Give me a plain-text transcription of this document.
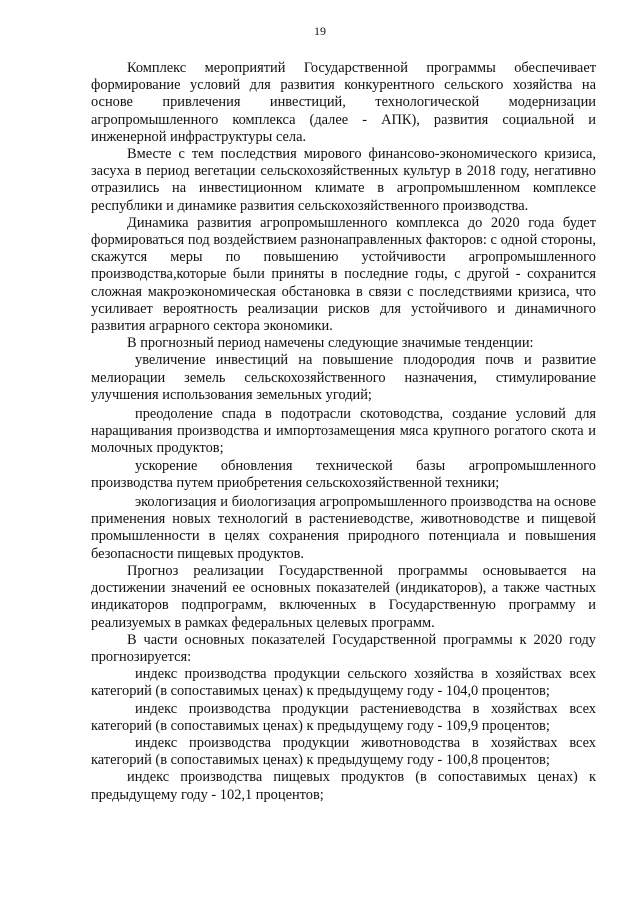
19

Комплекс мероприятий Государственной программы обеспечивает формирование условий для развития конкурентного сельского хозяйства на основе привлечения инвестиций, технологической модернизации агропромышленного комплекса (далее - АПК), развития социальной и инженерной инфраструктуры села.

Вместе с тем последствия мирового финансово-экономического кризиса, засуха в период вегетации сельскохозяйственных культур в 2018 году, негативно отразились на инвестиционном климате в агропромышленном комплексе республики и динамике развития сельскохозяйственного производства.

Динамика развития агропромышленного комплекса до 2020 года будет формироваться под воздействием разнонаправленных факторов: с одной стороны, скажутся меры по повышению устойчивости агропромышленного производства,которые были приняты в последние годы, с другой - сохранится сложная макроэкономическая обстановка в связи с последствиями кризиса, что усиливает вероятность реализации рисков для устойчивого и динамичного развития аграрного сектора экономики.

В прогнозный период намечены следующие значимые тенденции:

увеличение инвестиций на повышение плодородия почв и развитие мелиорации земель сельскохозяйственного назначения, стимулирование улучшения использования земельных угодий;

преодоление спада в подотрасли скотоводства, создание условий для наращивания производства и импортозамещения мяса крупного рогатого скота и молочных продуктов;

ускорение обновления технической базы агропромышленного производства путем приобретения сельскохозяйственной техники;

экологизация и биологизация агропромышленного производства на основе применения новых технологий в растениеводстве, животноводстве и пищевой промышленности в целях сохранения природного потенциала и повышения безопасности пищевых продуктов.

Прогноз реализации Государственной программы основывается на достижении значений ее основных показателей (индикаторов), а также частных индикаторов подпрограмм, включенных в Государственную программу и реализуемых в рамках федеральных целевых программ.

В части основных показателей Государственной программы к 2020 году прогнозируется:

индекс производства продукции сельского хозяйства в хозяйствах всех категорий (в сопоставимых ценах) к предыдущему году - 104,0 процентов;

индекс производства продукции растениеводства в хозяйствах всех категорий (в сопоставимых ценах) к предыдущему году - 109,9 процентов;

индекс производства продукции животноводства в хозяйствах всех категорий (в сопоставимых ценах) к предыдущему году - 100,8 процентов;

индекс производства пищевых продуктов (в сопоставимых ценах) к предыдущему году - 102,1 процентов;
